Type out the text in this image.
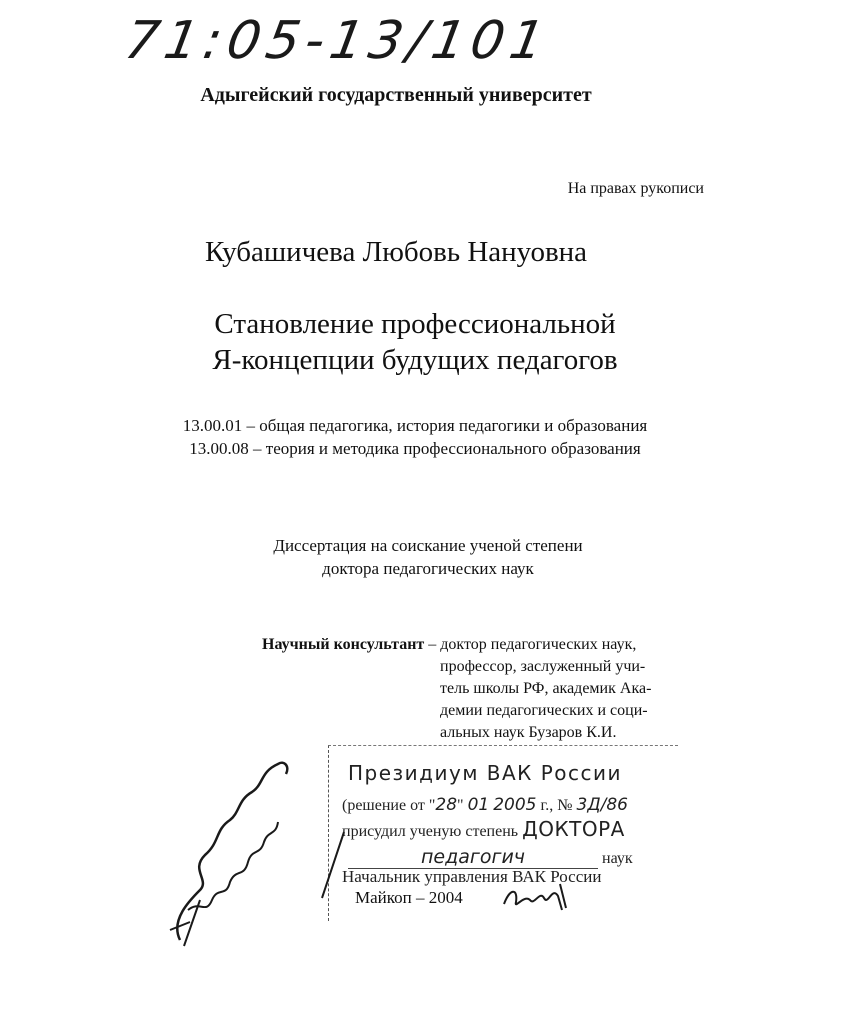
71:05-13/101
Адыгейский государственный университет
На правах рукописи
Кубашичева Любовь Нануовна
Становление профессиональной
Я-концепции будущих педагогов
13.00.01 – общая педагогика, история педагогики и образования
13.00.08 – теория и методика профессионального образования
Диссертация на соискание ученой степени
доктора педагогических наук
Научный консультант – доктор педагогических наук,
профессор, заслуженный учи-
тель школы РФ, академик Ака-
демии педагогических и соци-
альных наук Бузаров К.И.
Президиум ВАК России
(решение от "28" 01 2005 г., № 3Д/86
присудил ученую степень ДОКТОРА
педагогич	наук
Начальник управления ВАК России
Майкоп – 2004
